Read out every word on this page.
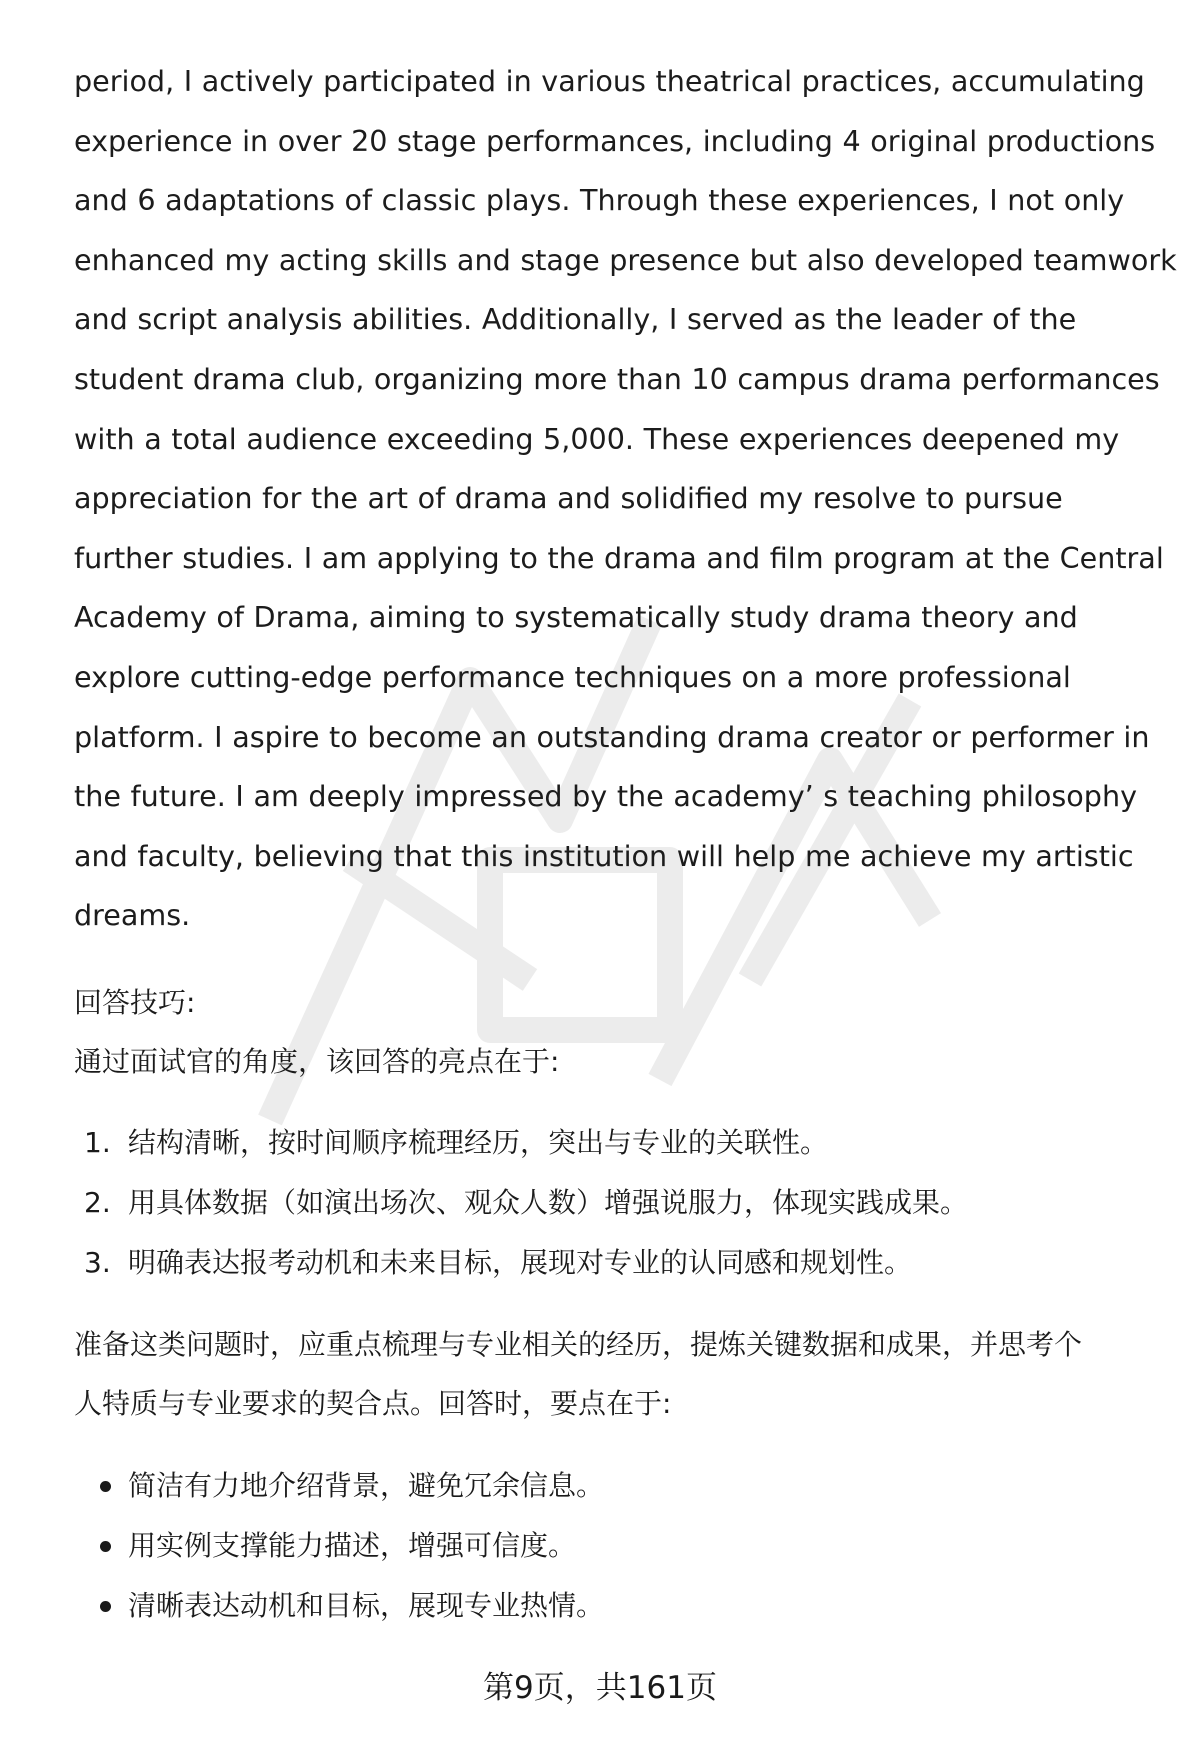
period, I actively participated in various theatrical practices, accumulating
experience in over 20 stage performances, including 4 original productions
and 6 adaptations of classic plays. Through these experiences, I not only
enhanced my acting skills and stage presence but also developed teamwork
and script analysis abilities. Additionally, I served as the leader of the
student drama club, organizing more than 10 campus drama performances
with a total audience exceeding 5,000. These experiences deepened my
appreciation for the art of drama and solidified my resolve to pursue
further studies. I am applying to the drama and film program at the Central
Academy of Drama, aiming to systematically study drama theory and
explore cutting-edge performance techniques on a more professional
platform. I aspire to become an outstanding drama creator or performer in
the future. I am deeply impressed by the academy’ s teaching philosophy
and faculty, believing that this institution will help me achieve my artistic
dreams.

回答技巧:

通过面试官的角度，该回答的亮点在于:

1. 结构清晰，按时间顺序梳理经历，突出与专业的关联性。
2. 用具体数据（如演出场次、观众人数）增强说服力，体现实践成果。
3. 明确表达报考动机和未来目标，展现对专业的认同感和规划性。

准备这类问题时，应重点梳理与专业相关的经历，提炼关键数据和成果，并思考个
人特质与专业要求的契合点。回答时，要点在于:

简洁有力地介绍背景，避免冗余信息。
用实例支撑能力描述，增强可信度。
清晰表达动机和目标，展现专业热情。
第9页，共161页
